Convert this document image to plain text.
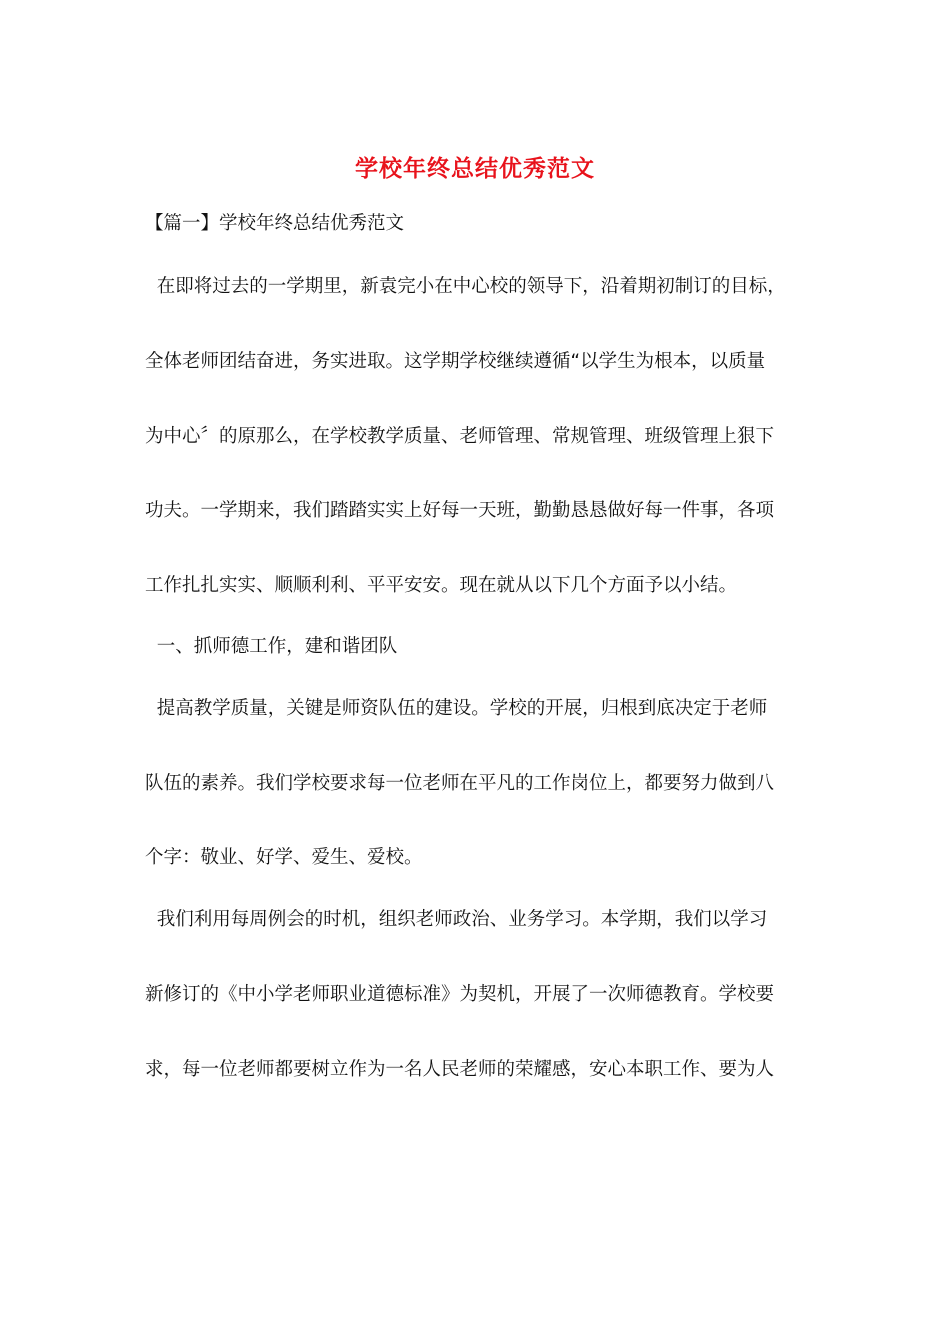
学校年终总结优秀范文
【篇一】学校年终总结优秀范文
在即将过去的一学期里，新袁完小在中心校的领导下，沿着期初制订的目标，
全体老师团结奋进，务实进取。这学期学校继续遵循“以学生为根本，以质量
为中心〞的原那么，在学校教学质量、老师管理、常规管理、班级管理上狠下
功夫。一学期来，我们踏踏实实上好每一天班，勤勤恳恳做好每一件事，各项
工作扎扎实实、顺顺利利、平平安安。现在就从以下几个方面予以小结。
一、抓师德工作，建和谐团队
提高教学质量，关键是师资队伍的建设。学校的开展，归根到底决定于老师
队伍的素养。我们学校要求每一位老师在平凡的工作岗位上，都要努力做到八
个字：敬业、好学、爱生、爱校。
我们利用每周例会的时机，组织老师政治、业务学习。本学期，我们以学习
新修订的《中小学老师职业道德标准》为契机，开展了一次师德教育。学校要
求，每一位老师都要树立作为一名人民老师的荣耀感，安心本职工作、要为人
